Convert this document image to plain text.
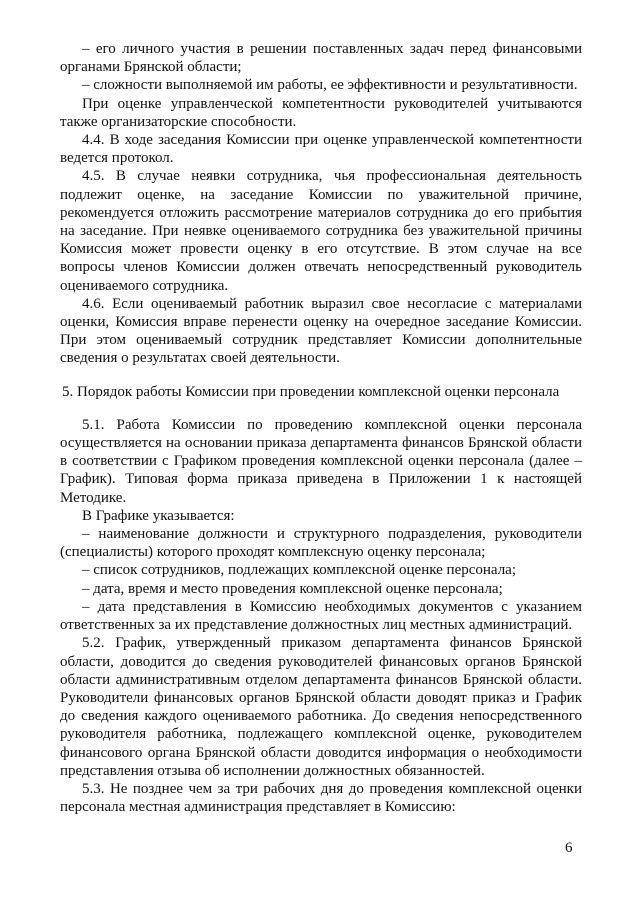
– его личного участия в решении поставленных задач перед финансовыми органами Брянской области;

– сложности выполняемой им работы, ее эффективности и результативности.

При оценке управленческой компетентности руководителей учитываются также организаторские способности.

4.4. В ходе заседания Комиссии при оценке управленческой компетентности ведется протокол.

4.5. В случае неявки сотрудника, чья профессиональная деятельность подлежит оценке, на заседание Комиссии по уважительной причине, рекомендуется отложить рассмотрение материалов сотрудника до его прибытия на заседание. При неявке оцениваемого сотрудника без уважительной причины Комиссия может провести оценку в его отсутствие. В этом случае на все вопросы членов Комиссии должен отвечать непосредственный руководитель оцениваемого сотрудника.

4.6. Если оцениваемый работник выразил свое несогласие с материалами оценки, Комиссия вправе перенести оценку на очередное заседание Комиссии. При этом оцениваемый сотрудник представляет Комиссии дополнительные сведения о результатах своей деятельности.

5. Порядок работы Комиссии при проведении комплексной оценки персонала

5.1. Работа Комиссии по проведению комплексной оценки персонала осуществляется на основании приказа департамента финансов Брянской области в соответствии с Графиком проведения комплексной оценки персонала (далее – График). Типовая форма приказа приведена в Приложении 1 к настоящей Методике.

В Графике указывается:

– наименование должности и структурного подразделения, руководители (специалисты) которого проходят комплексную оценку персонала;

– список сотрудников, подлежащих комплексной оценке персонала;

– дата, время и место проведения комплексной оценке персонала;

– дата представления в Комиссию необходимых документов с указанием ответственных за их представление должностных лиц местных администраций.

5.2. График, утвержденный приказом департамента финансов Брянской области, доводится до сведения руководителей финансовых органов Брянской области административным отделом департамента финансов Брянской области. Руководители финансовых органов Брянской области доводят приказ и График до сведения каждого оцениваемого работника. До сведения непосредственного руководителя работника, подлежащего комплексной оценке, руководителем финансового органа Брянской области доводится информация о необходимости представления отзыва об исполнении должностных обязанностей.

5.3. Не позднее чем за три рабочих дня до проведения комплексной оценки персонала местная администрация представляет в Комиссию:

6
